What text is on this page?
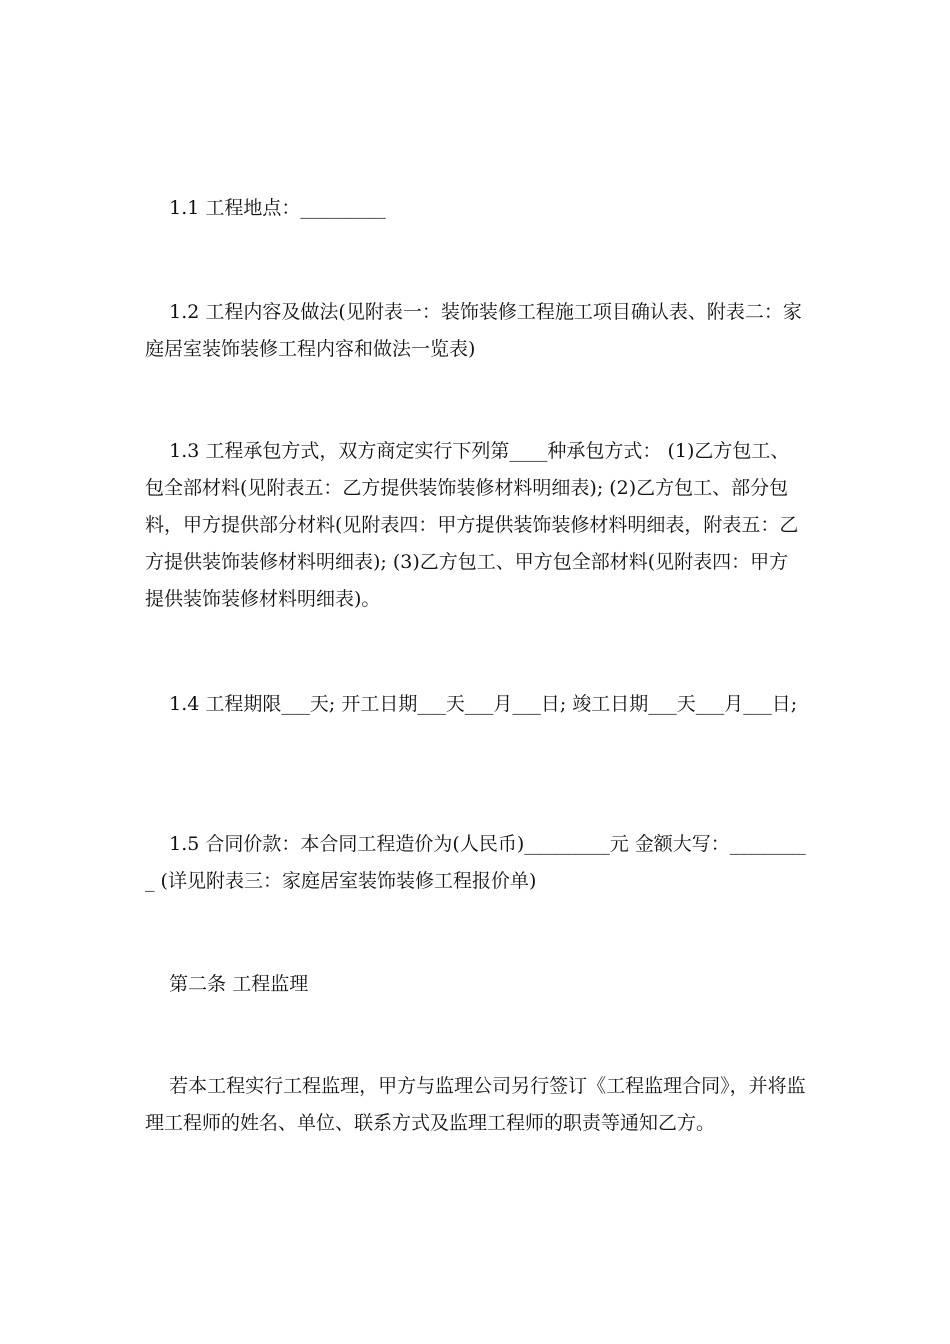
1.1 工程地点：_________

1.2 工程内容及做法(见附表一：装饰装修工程施工项目确认表、附表二：家庭居室装饰装修工程内容和做法一览表)

1.3 工程承包方式，双方商定实行下列第____种承包方式： (1)乙方包工、包全部材料(见附表五：乙方提供装饰装修材料明细表); (2)乙方包工、部分包料，甲方提供部分材料(见附表四：甲方提供装饰装修材料明细表，附表五：乙方提供装饰装修材料明细表); (3)乙方包工、甲方包全部材料(见附表四：甲方提供装饰装修材料明细表)。

1.4 工程期限___天; 开工日期___天___月___日; 竣工日期___天___月___日;

1.5 合同价款：本合同工程造价为(人民币)_________元 金额大写：_________ (详见附表三：家庭居室装饰装修工程报价单)

第二条 工程监理

若本工程实行工程监理，甲方与监理公司另行签订《工程监理合同》，并将监理工程师的姓名、单位、联系方式及监理工程师的职责等通知乙方。
